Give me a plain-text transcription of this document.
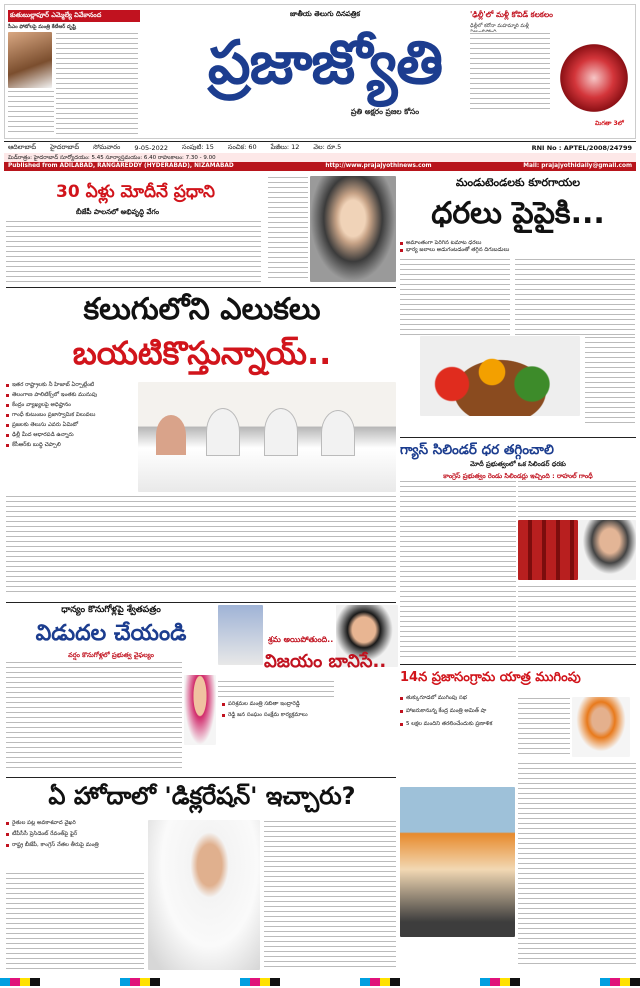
కుతుబుల్లాపూర్ ఎమ్మెల్యే వివేకానంద
సీఎం ఫోటోలపై మంత్రి కేటీఆర్ దృష్టి
జాతీయ తెలుగు దినపత్రిక
ప్రజాజ్యోతి
ప్రతి అక్షరం ప్రజల కోసం
'ఢిల్లీ'లో మళ్లీ కోవిడ్ కలకలం
ఢిల్లీలో కరోనా మహమ్మారి మళ్లీ
మిగతా 3లో
ఆదిలాబాద్ హైదరాబాద్ సోమవారం 9-05-2022 సంపుటి: 15 సంచిక: 60 పేజీలు: 12 వెల: రూ.5	RNI No : APTEL/2008/24799
మిడ్‌రాత్రం: హైదరాబాద్ సూర్యోదయం: 5.45 సూర్యాస్తమయం: 6.40 రాహుకాలం: 7.30 - 9.00
Published from ADILABAD, RANGAREDDY (HYDERABAD), NIZAMABAD	http://www.prajajyothinews.com	Mail: prajajyothidaily@gmail.com
30 ఏళ్లు మోదీనే ప్రధాని
బీజేపీ పాలనలో అభివృద్ధి వేగం
మండుటెండలకు కూరగాయల
ధరలు పైపైకి...
అమాంతంగా పెరిగిన టమాట ధరలు
భార్య జలాలు అడుగంటడంతో తగ్గిన దిగుబడులు
కలుగులోని ఎలుకలు
బయటికొస్తున్నాయ్..
ఇతర రాష్ట్రాలకు నీ హిజాబ్ ఏర్పాట్లేంటి
తెలంగాణ పాలిటిక్స్‌లో ఇంతకు మునుపు
కేంద్రం వ్యాఖ్యలపై అధిష్టానం
గాంధీ కుటుంబం ప్రజాస్వామిక విలువలు
ప్రజలకు తెలుసు ఎవరు ఏమిటో
ఢిల్లీ మీద ఆధారపడి ఉన్నారు
కేసీఆర్‌కు బుద్ధి చెప్పాలి	గ్యాస్ సిలిండర్ ధర తగ్గించాలి
మోదీ ప్రభుత్వంలో ఒక సిలిండర్ ధరకు
కాంగ్రెస్ ప్రభుత్వం రెండు సిలిండర్లు ఇచ్చింది : రాహుల్ గాంధీ
ధాన్యం కొనుగోళ్లపై శ్వేతపత్రం
విడుదల చేయండి
వర్షం కొనుగోళ్లలో ప్రభుత్వ వైఫల్యం
శ్రమ అయిపోతుంది..
విజయం బానిసే..
పరిశ్రమల మంత్రి సబితా ఇంద్రారెడ్డి
రెడ్డి జన సంఘం సంక్షేమ కార్యక్రమాలు
14న ప్రజాసంగ్రామ యాత్ర ముగింపు
తుక్కుగూడలో ముగింపు సభ
హాజరుకానున్న కేంద్ర మంత్రి అమిత్ షా
5 లక్షల మందిని తరలించేందుకు ప్రణాళిక
ఏ హోదాలో 'డిక్లరేషన్' ఇచ్చారు?
రైతుల పట్ల అవకాశవాద వైఖరి
టీపీసీసీ ప్రెసిడెంట్ రేవంత్‌పై ఫైర్
రాష్ట్ర బీజేపీ, కాంగ్రెస్ నేతల తీరుపై మంత్రి
